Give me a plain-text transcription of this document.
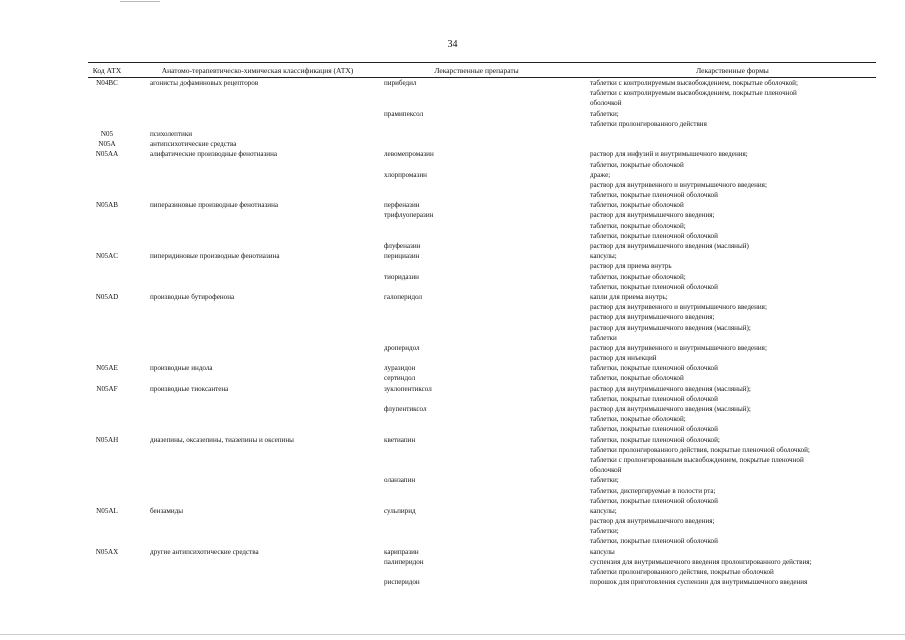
34
Код АТХ	Анатомо-терапевтическо-химическая классификация (АТХ)	Лекарственные препараты	Лекарственные формы
N04BC	агонисты дофаминовых рецепторов	пирибедил	таблетки с контролируемым высвобождением, покрытые оболочкой;
таблетки с контролируемым высвобождением, покрытые пленочной
оболочкой
прамипексол	таблетки;
таблетки пролонгированного действия
N05	психолептики
N05A	антипсихотические средства
N05AA	алифатические производные фенотиазина	левомепромазин	раствор для инфузий и внутримышечного введения;
таблетки, покрытые оболочкой
хлорпромазин	драже;
раствор для внутривенного и внутримышечного введения;
таблетки, покрытые пленочной оболочкой
N05AB	пиперазиновые производные фенотиазина	перфеназин	таблетки, покрытые оболочкой
трифлуоперазин	раствор для внутримышечного введения;
таблетки, покрытые оболочкой;
таблетки, покрытые пленочной оболочкой
флуфеназин	раствор для внутримышечного введения (масляный)
N05AC	пиперидиновые производные фенотиазина	перициазин	капсулы;
раствор для приема внутрь
тиоридазин	таблетки, покрытые оболочкой;
таблетки, покрытые пленочной оболочкой
N05AD	производные бутирофенона	галоперидол	капли для приема внутрь;
раствор для внутривенного и внутримышечного введения;
раствор для внутримышечного введения;
раствор для внутримышечного введения (масляный);
таблетки
дроперидол	раствор для внутривенного и внутримышечного введения;
раствор для инъекций
N05AE	производные индола	луразидон	таблетки, покрытые пленочной оболочкой
сертиндол	таблетки, покрытые оболочкой
N05AF	производные тиоксантена	зуклопентиксол	раствор для внутримышечного введения (масляный);
таблетки, покрытые пленочной оболочкой
флупентиксол	раствор для внутримышечного введения (масляный);
таблетки, покрытые оболочкой;
таблетки, покрытые пленочной оболочкой
N05AH	диазепины, оксазепины, тиазепины и оксепины	кветиапин	таблетки, покрытые пленочной оболочкой;
таблетки пролонгированного действия, покрытые пленочной оболочкой;
таблетки с пролонгированным высвобождением, покрытые пленочной
оболочкой
оланзапин	таблетки;
таблетки, диспергируемые в полости рта;
таблетки, покрытые пленочной оболочкой
N05AL	бензамиды	сульпирид	капсулы;
раствор для внутримышечного введения;
таблетки;
таблетки, покрытые пленочной оболочкой
N05AX	другие антипсихотические средства	карипразин	капсулы
палиперидон	суспензия для внутримышечного введения пролонгированного действия;
таблетки пролонгированного действия, покрытые оболочкой
рисперидон	порошок для приготовления суспензии для внутримышечного введения
